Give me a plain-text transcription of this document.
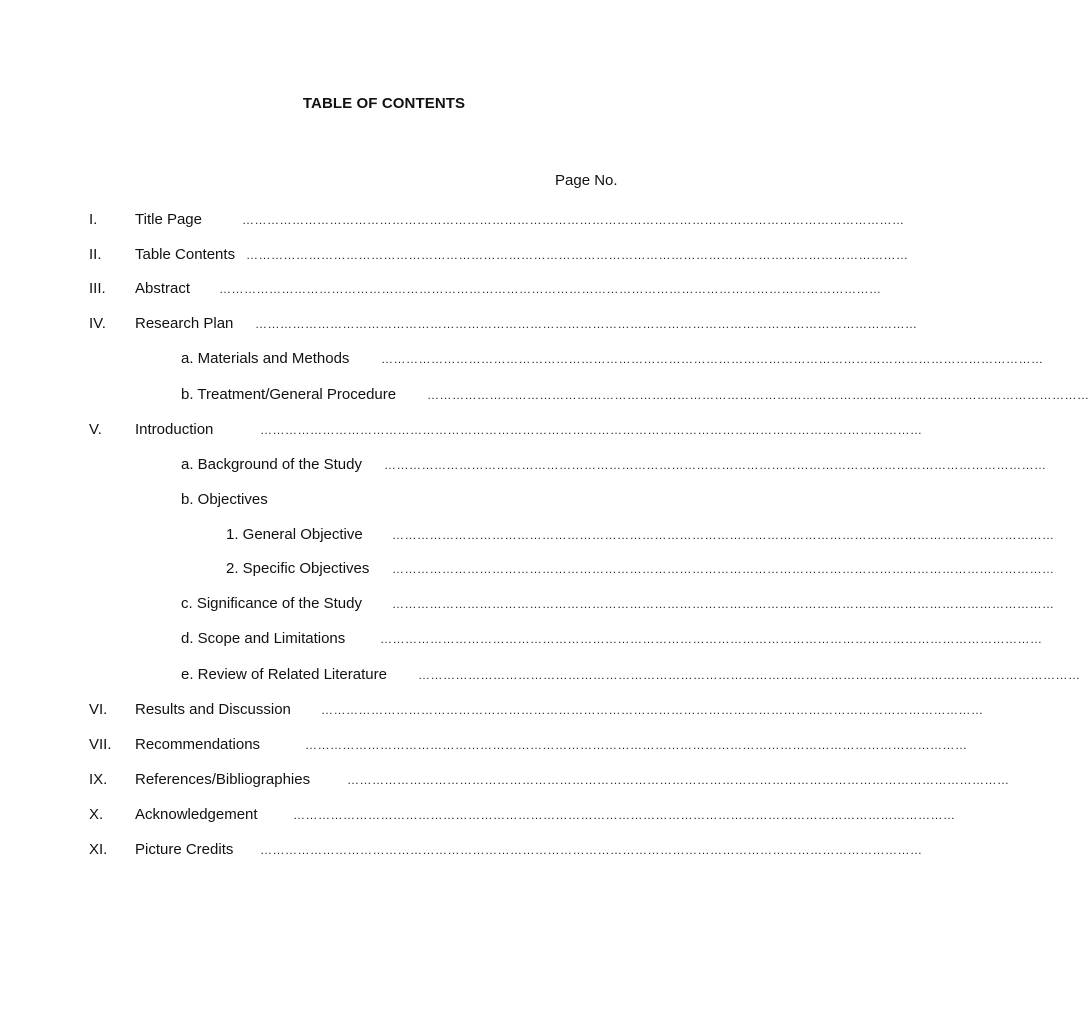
TABLE OF CONTENTS
Page No.
I.	Title Page	……………………………………………………………………………………………………………………………………………
II. Table Contents ……………………………………………………………………………………………………………………………………………
III. Abstract ……………………………………………………………………………………………………………………………………………
IV. Research Plan ……………………………………………………………………………………………………………………………………………
a. Materials and Methods	……………………………………………………………………………………………………………………………………………
b. Treatment/General Procedure	……………………………………………………………………………………………………………………………………………
V. Introduction	……………………………………………………………………………………………………………………………………………
a. Background of the Study ……………………………………………………………………………………………………………………………………………
b. Objectives
1. General Objective ……………………………………………………………………………………………………………………………………………
2. Specific Objectives ……………………………………………………………………………………………………………………………………………
c. Significance of the Study	……………………………………………………………………………………………………………………………………………
d. Scope and Limitations	……………………………………………………………………………………………………………………………………………
e. Review of Related Literature	……………………………………………………………………………………………………………………………………………
VI. Results and Discussion	……………………………………………………………………………………………………………………………………………
VII. Recommendations	……………………………………………………………………………………………………………………………………………
IX. References/Bibliographies	……………………………………………………………………………………………………………………………………………
X. Acknowledgement	……………………………………………………………………………………………………………………………………………
XI. Picture Credits ……………………………………………………………………………………………………………………………………………
